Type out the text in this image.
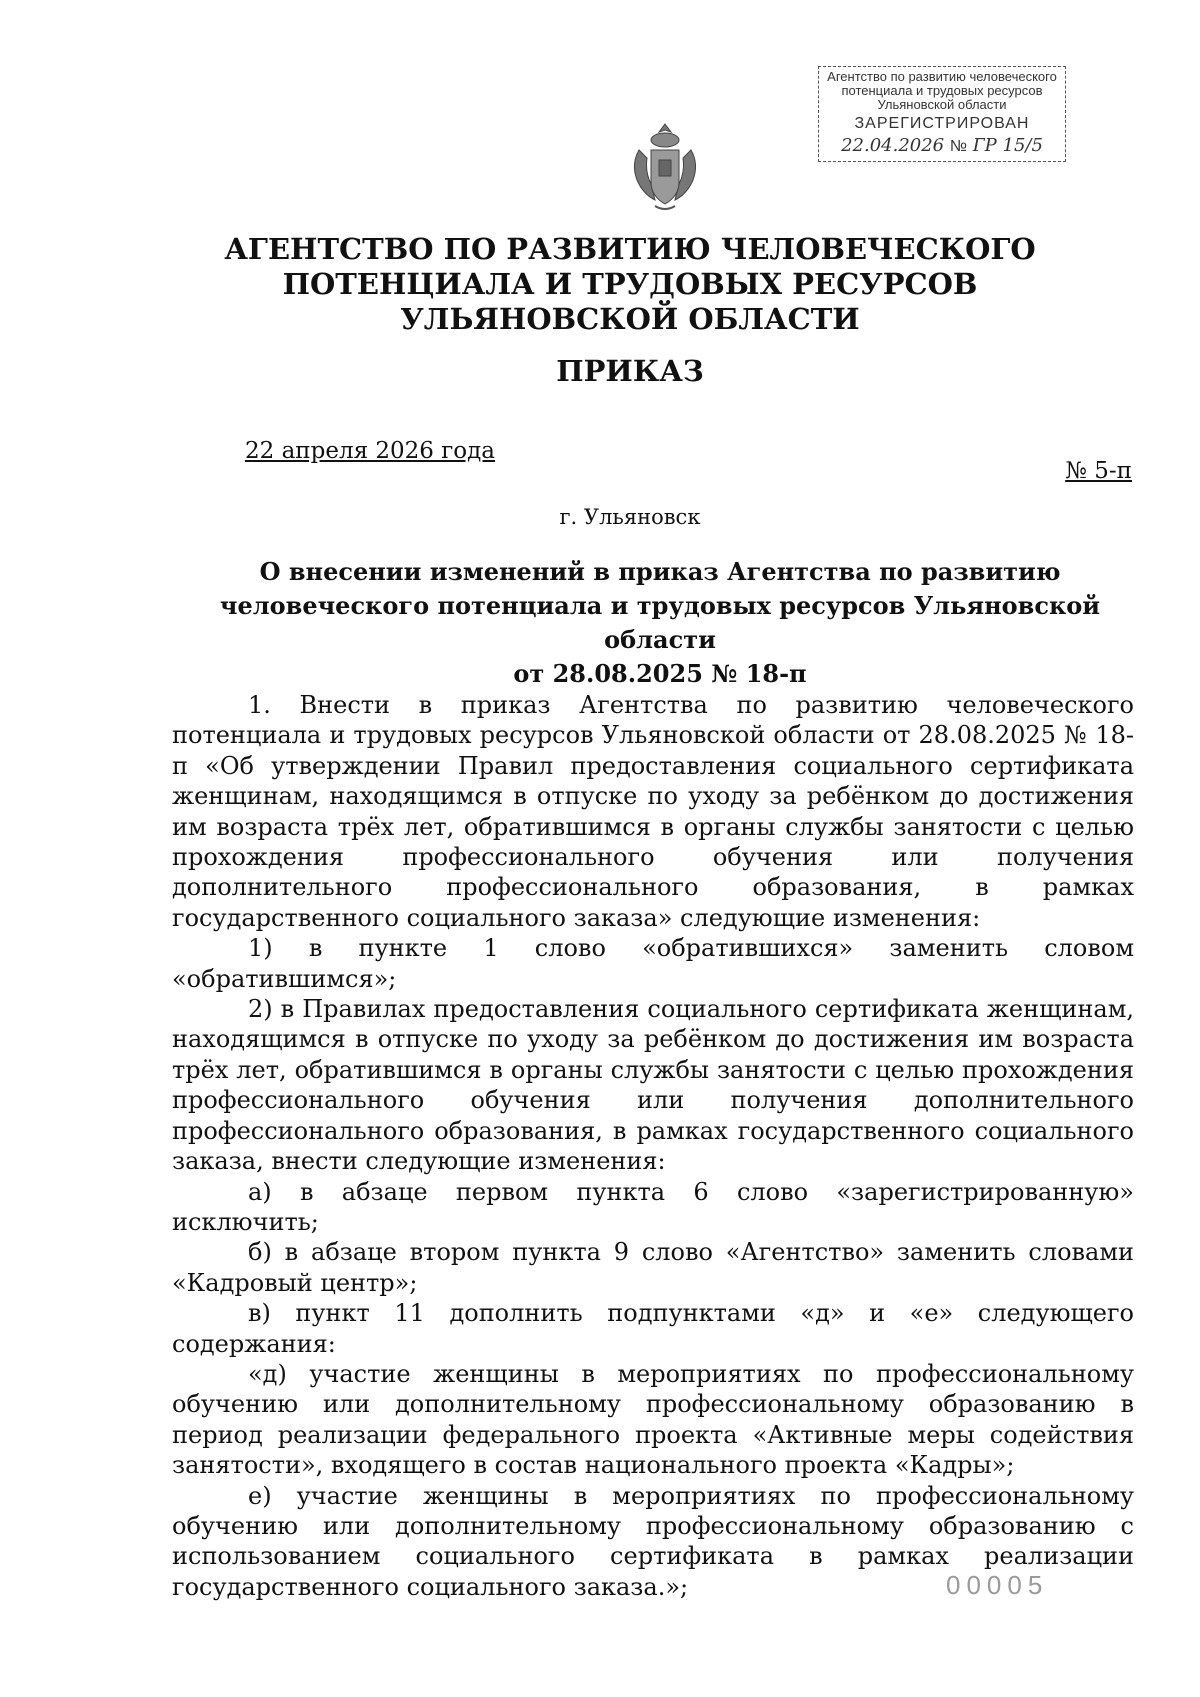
Агентство по развитию человеческого
потенциала и трудовых ресурсов
Ульяновской области
ЗАРЕГИСТРИРОВАН
22.04.2026 № ГР 15/5
АГЕНТСТВО ПО РАЗВИТИЮ ЧЕЛОВЕЧЕСКОГО
ПОТЕНЦИАЛА И ТРУДОВЫХ РЕСУРСОВ
УЛЬЯНОВСКОЙ ОБЛАСТИ
ПРИКАЗ
22 апреля 2026 года
№ 5-п
г. Ульяновск
О внесении изменений в приказ Агентства по развитию
человеческого потенциала и трудовых ресурсов Ульяновской области
от 28.08.2025 № 18-п

1. Внести в приказ Агентства по развитию человеческого потенциала и трудовых ресурсов Ульяновской области от 28.08.2025 № 18-п «Об утверждении Правил предоставления социального сертификата женщинам, находящимся в отпуске по уходу за ребёнком до достижения им возраста трёх лет, обратившимся в органы службы занятости с целью прохождения профессионального обучения или получения дополнительного профессионального образования, в рамках государственного социального заказа» следующие изменения:

1) в пункте 1 слово «обратившихся» заменить словом «обратившимся»;

2) в Правилах предоставления социального сертификата женщинам, находящимся в отпуске по уходу за ребёнком до достижения им возраста трёх лет, обратившимся в органы службы занятости с целью прохождения профессионального обучения или получения дополнительного профессионального образования, в рамках государственного социального заказа, внести следующие изменения:

а) в абзаце первом пункта 6 слово «зарегистрированную» исключить;

б) в абзаце втором пункта 9 слово «Агентство» заменить словами «Кадровый центр»;

в) пункт 11 дополнить подпунктами «д» и «е» следующего содержания:

«д) участие женщины в мероприятиях по профессиональному обучению или дополнительному профессиональному образованию в период реализации федерального проекта «Активные меры содействия занятости», входящего в состав национального проекта «Кадры»;

е) участие женщины в мероприятиях по профессиональному обучению или дополнительному профессиональному образованию с использованием социального сертификата в рамках реализации государственного социального заказа.»;	00005
